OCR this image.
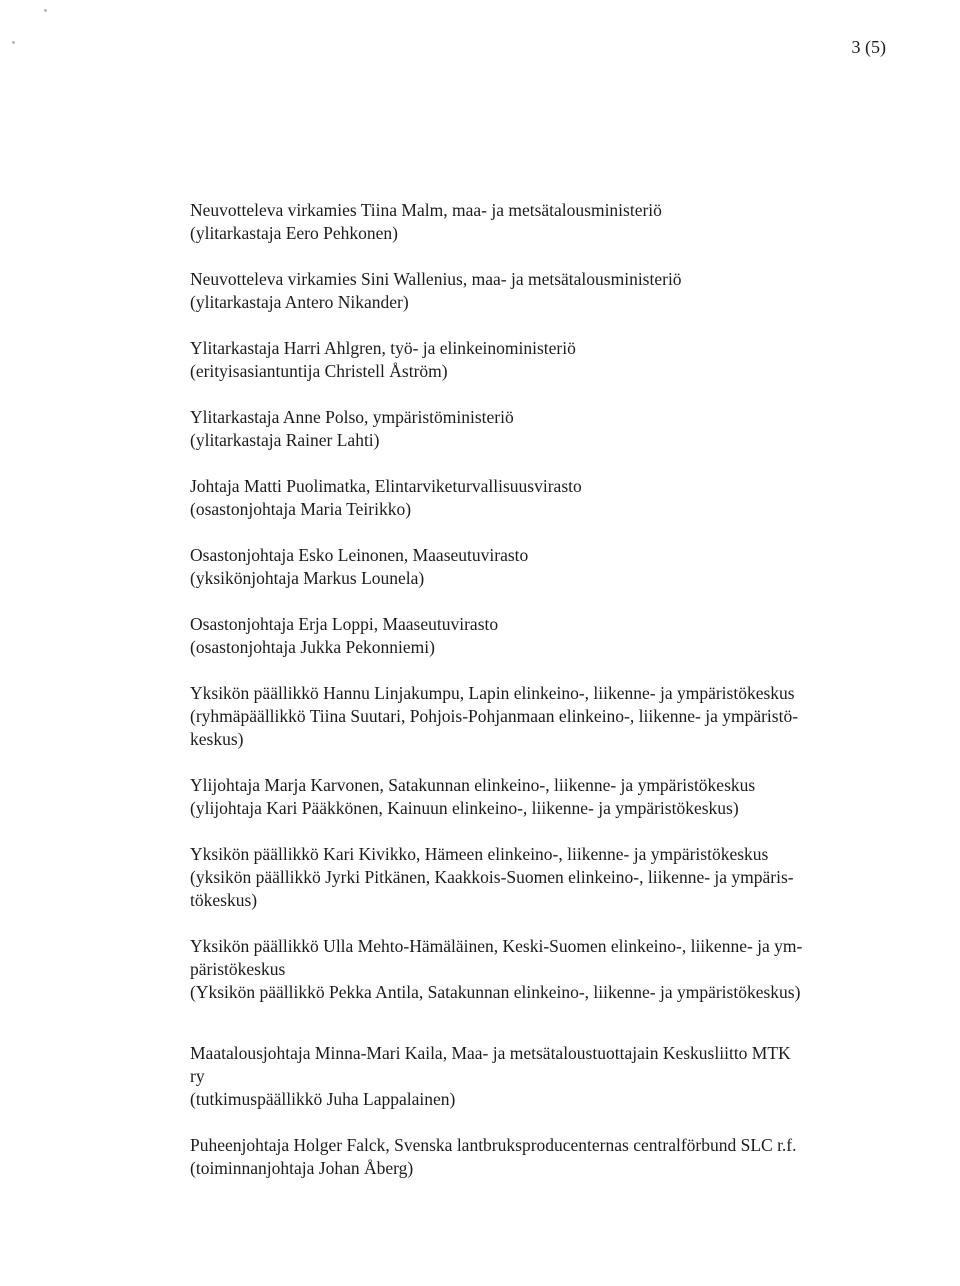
3 (5)

Neuvotteleva virkamies Tiina Malm, maa- ja metsätalousministeriö

(ylitarkastaja Eero Pehkonen)

Neuvotteleva virkamies Sini Wallenius, maa- ja metsätalousministeriö

(ylitarkastaja Antero Nikander)

Ylitarkastaja Harri Ahlgren, työ- ja elinkeinoministeriö

(erityisasiantuntija Christell Åström)

Ylitarkastaja Anne Polso, ympäristöministeriö

(ylitarkastaja Rainer Lahti)

Johtaja Matti Puolimatka, Elintarviketurvallisuusvirasto

(osastonjohtaja Maria Teirikko)

Osastonjohtaja Esko Leinonen, Maaseutuvirasto

(yksikönjohtaja Markus Lounela)

Osastonjohtaja Erja Loppi, Maaseutuvirasto

(osastonjohtaja Jukka Pekonniemi)

Yksikön päällikkö Hannu Linjakumpu, Lapin elinkeino-, liikenne- ja ympäristökeskus

(ryhmäpäällikkö Tiina Suutari, Pohjois-Pohjanmaan elinkeino-, liikenne- ja ympäristö-

keskus)

Ylijohtaja Marja Karvonen, Satakunnan elinkeino-, liikenne- ja ympäristökeskus

(ylijohtaja Kari Pääkkönen, Kainuun elinkeino-, liikenne- ja ympäristökeskus)

Yksikön päällikkö Kari Kivikko, Hämeen elinkeino-, liikenne- ja ympäristökeskus

(yksikön päällikkö Jyrki Pitkänen, Kaakkois-Suomen elinkeino-, liikenne- ja ympäris-

tökeskus)

Yksikön päällikkö Ulla Mehto-Hämäläinen, Keski-Suomen elinkeino-, liikenne- ja ym-

päristökeskus

(Yksikön päällikkö Pekka Antila, Satakunnan elinkeino-, liikenne- ja ympäristökeskus)

Maatalousjohtaja Minna-Mari Kaila, Maa- ja metsätaloustuottajain Keskusliitto MTK

ry

(tutkimuspäällikkö Juha Lappalainen)

Puheenjohtaja Holger Falck, Svenska lantbruksproducenternas centralförbund SLC r.f.

(toiminnanjohtaja Johan Åberg)
